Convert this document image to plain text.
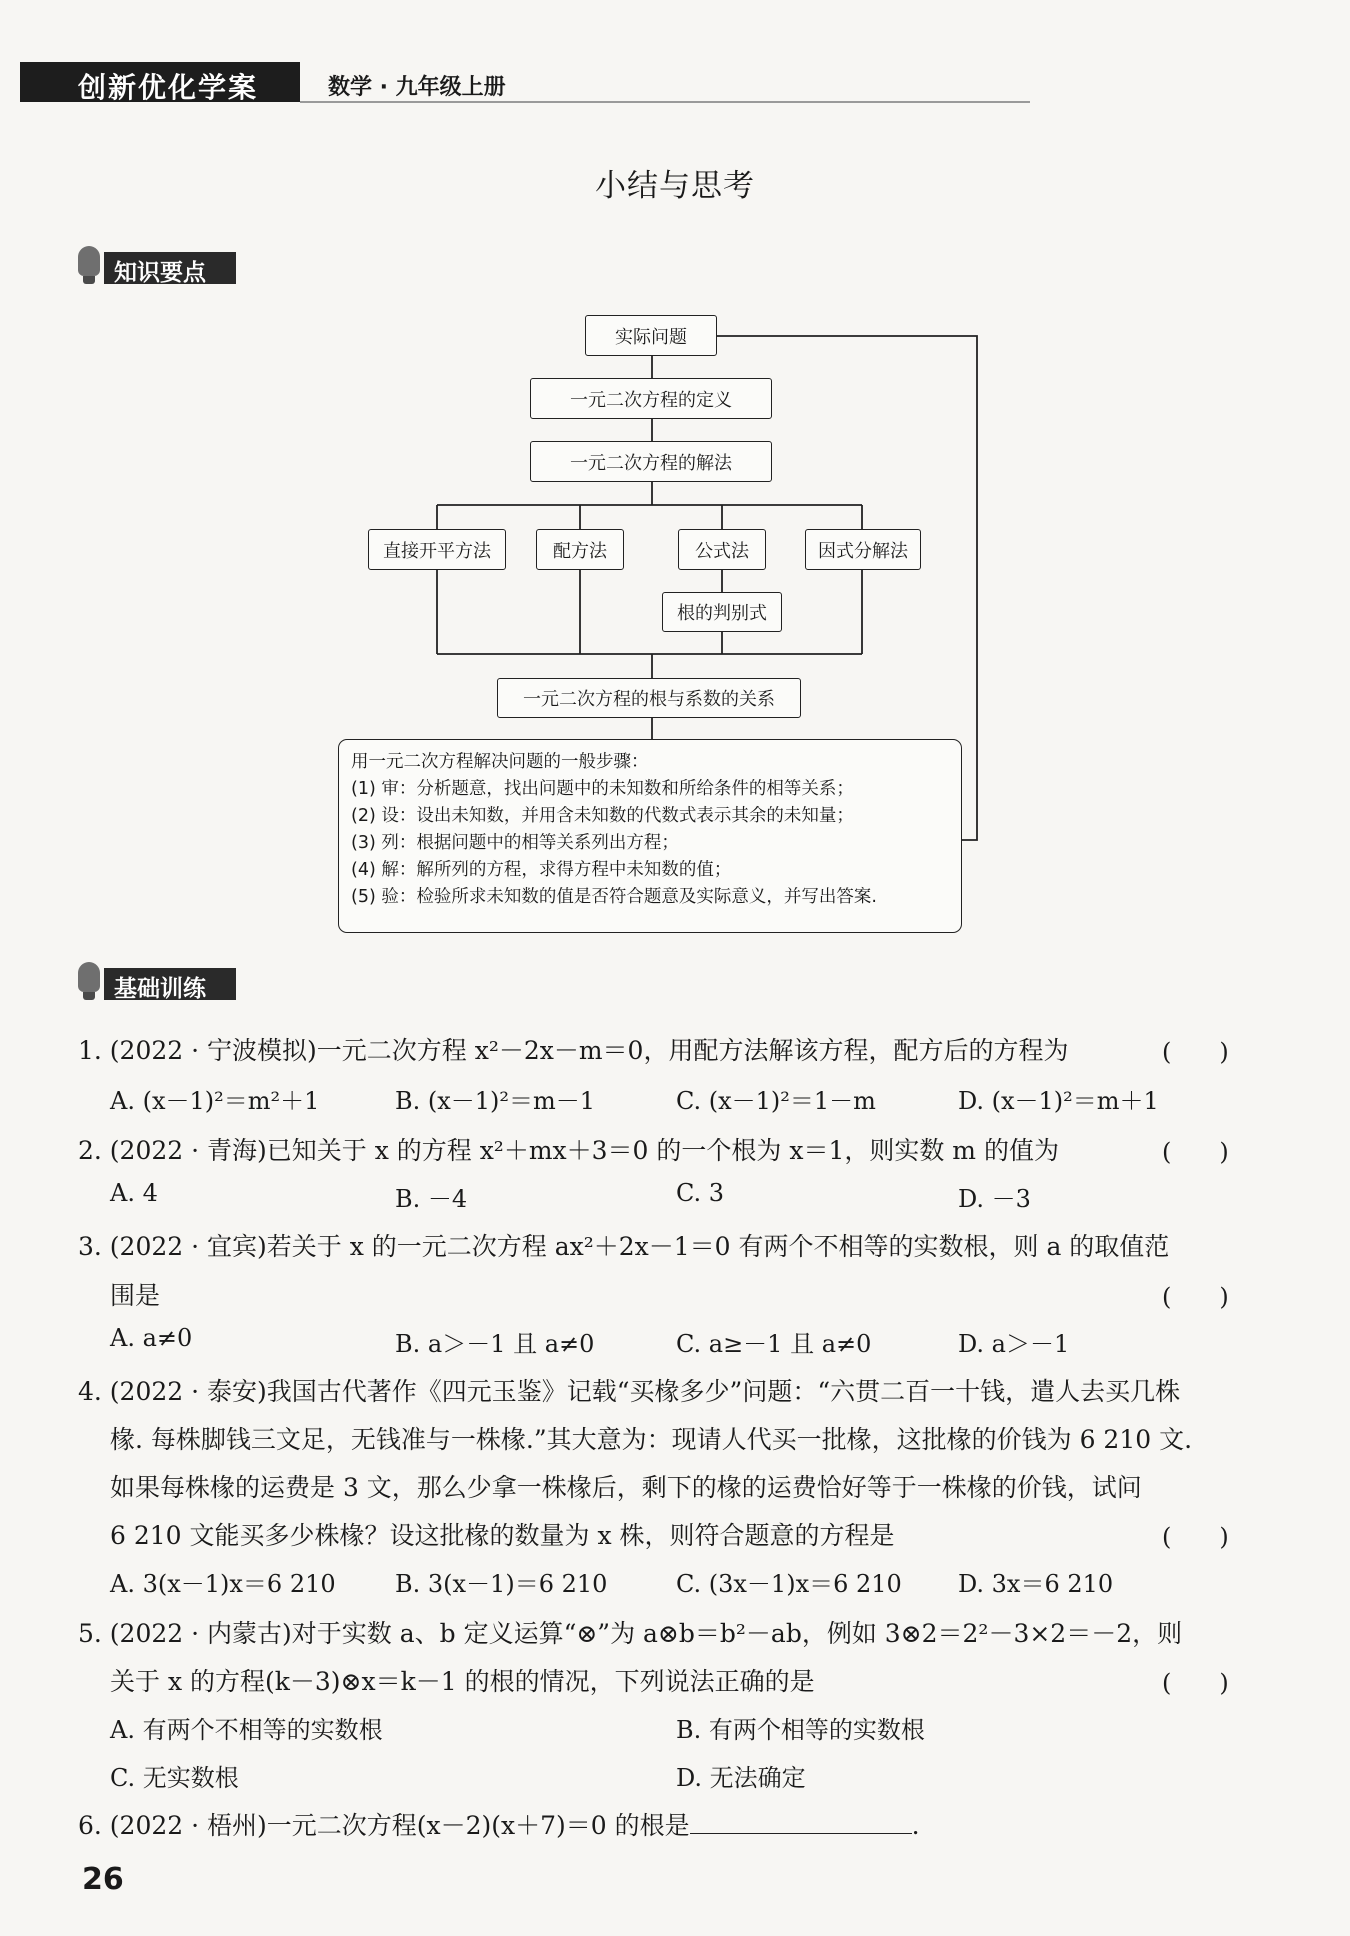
创新优化学案	数学 · 九年级上册
小结与思考
知识要点
实际问题
一元二次方程的定义
一元二次方程的解法
直接开平方法	配方法	公式法	因式分解法
根的判别式
一元二次方程的根与系数的关系
用一元二次方程解决问题的一般步骤：
(1) 审：分析题意，找出问题中的未知数和所给条件的相等关系；
(2) 设：设出未知数，并用含未知数的代数式表示其余的未知量；
(3) 列：根据问题中的相等关系列出方程；
(4) 解：解所列的方程，求得方程中未知数的值；
(5) 验：检验所求未知数的值是否符合题意及实际意义，并写出答案.
基础训练
1. (2022 · 宁波模拟)一元二次方程 x²－2x－m＝0，用配方法解该方程，配方后的方程为	(　　)
A. (x－1)²＝m²＋1	B. (x－1)²＝m－1	C. (x－1)²＝1－m	D. (x－1)²＝m＋1
2. (2022 · 青海)已知关于 x 的方程 x²＋mx＋3＝0 的一个根为 x＝1，则实数 m 的值为	(　　)
A. 4	B. －4	C. 3	D. －3
3. (2022 · 宜宾)若关于 x 的一元二次方程 ax²＋2x－1＝0 有两个不相等的实数根，则 a 的取值范
围是	(　　)
A. a≠0	B. a＞－1 且 a≠0	C. a≥－1 且 a≠0	D. a＞－1
4. (2022 · 泰安)我国古代著作《四元玉鉴》记载“买椽多少”问题：“六贯二百一十钱，遣人去买几株
椽. 每株脚钱三文足，无钱准与一株椽.”其大意为：现请人代买一批椽，这批椽的价钱为 6 210 文.
如果每株椽的运费是 3 文，那么少拿一株椽后，剩下的椽的运费恰好等于一株椽的价钱，试问
6 210 文能买多少株椽？设这批椽的数量为 x 株，则符合题意的方程是	(　　)
A. 3(x－1)x＝6 210 B. 3(x－1)＝6 210	C. (3x－1)x＝6 210 D. 3x＝6 210
5. (2022 · 内蒙古)对于实数 a、b 定义运算“⊗”为 a⊗b＝b²－ab，例如 3⊗2＝2²－3×2＝－2，则
关于 x 的方程(k－3)⊗x＝k－1 的根的情况，下列说法正确的是	(　　)
A. 有两个不相等的实数根	B. 有两个相等的实数根
C. 无实数根	D. 无法确定
6. (2022 · 梧州)一元二次方程(x－2)(x＋7)＝0 的根是	.
26
